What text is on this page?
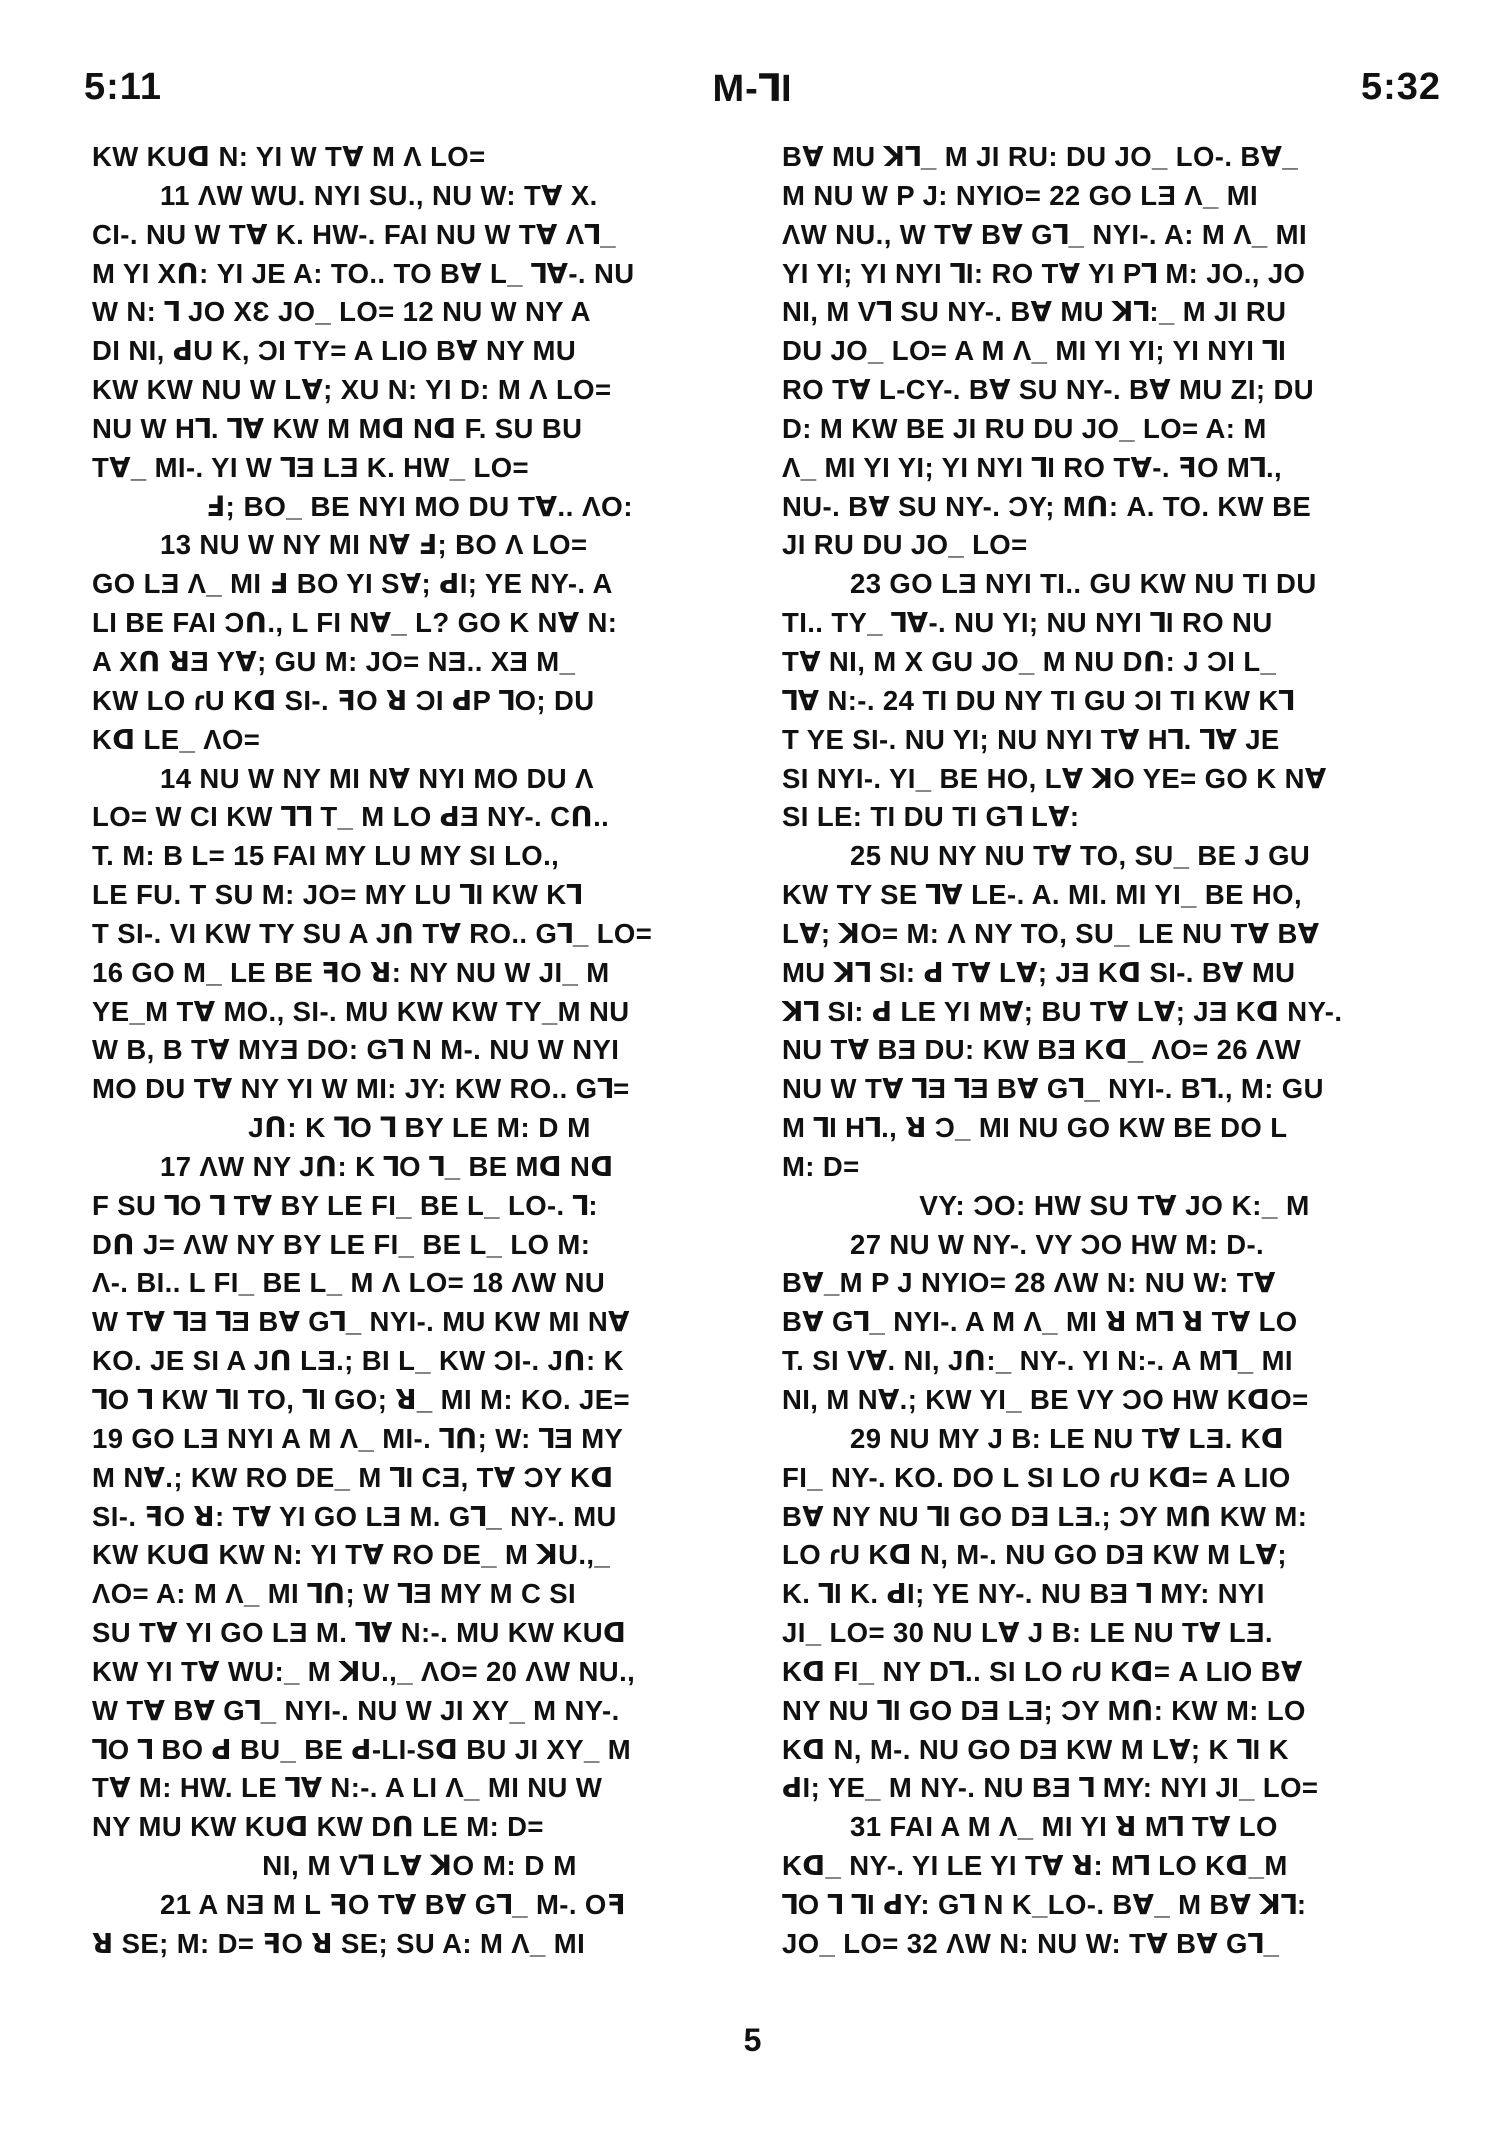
5:11	M-⅂I	5:32

KW KUꓷ N: YI W TⱯ M Ʌ LO=

11 ɅW WU. NYI SU., NU W: TⱯ X.

CI-. NU W TⱯ K. HW-. FAI NU W TⱯ Ʌ⅂_

M YI Xꓵ: YI JE A: TO.. TO BⱯ L_ ⅂Ɐ-. NU

W N: ⅂ JO XƐ JO_ LO= 12 NU W NY A

DI NI, ꓒU K, ƆI TY= A LIO BⱯ NY MU

KW KW NU W LⱯ; XU N: YI D: M Ʌ LO=

NU W H⅂. ⅂Ɐ KW M Mꓷ Nꓷ F. SU BU

TⱯ_ MI-. YI W ⅂Ǝ LƎ K. HW_ LO=

Ⅎ; BO_ BE NYI MO DU TⱯ.. ɅO:

13 NU W NY MI NⱯ Ⅎ; BO Ʌ LO=

GO LƎ Ʌ_ MI Ⅎ BO YI SⱯ; ꓒI; YE NY-. A

LI BE FAI Ɔꓵ., L FI NⱯ_ L? GO K NⱯ N:

A Xꓵ ꓤƎ YⱯ; GU M: JO= NƎ.. XƎ M_

KW LO ɾU Kꓷ SI-. ꟻO ꓤ ƆI ꓒP ⅂O; DU

Kꓷ LE_ ɅO=

14 NU W NY MI NⱯ NYI MO DU Ʌ

LO= W CI KW ⅂⅂ T_ M LO ꓒƎ NY-. Cꓵ..

T. M: B L= 15 FAI MY LU MY SI LO.,

LE FU. T SU M: JO= MY LU ⅂I KW K⅂

T SI-. VI KW TY SU A Jꓵ TⱯ RO.. G⅂_ LO=

16 GO M_ LE BE ꟻO ꓤ: NY NU W JI_ M

YE_M TⱯ MO., SI-. MU KW KW TY_M NU

W B, B TⱯ MYƎ DO: G⅂ N M-. NU W NYI

MO DU TⱯ NY YI W MI: JY: KW RO.. G⅂=

Jꓵ: K ⅂O ⅂ BY LE M: D M

17 ɅW NY Jꓵ: K ⅂O ⅂_ BE Mꓷ Nꓷ

F SU ⅂O ⅂ TⱯ BY LE FI_ BE L_ LO-. ⅂:

Dꓵ J= ɅW NY BY LE FI_ BE L_ LO M:

Ʌ-. BI.. L FI_ BE L_ M Ʌ LO= 18 ɅW NU

W TⱯ ⅂Ǝ ⅂Ǝ BⱯ G⅂_ NYI-. MU KW MI NⱯ

KO. JE SI A Jꓵ LƎ.; BI L_ KW ƆI-. Jꓵ: K

⅂O ⅂ KW ⅂I TO, ⅂I GO; ꓤ_ MI M: KO. JE=

19 GO LƎ NYI A M Ʌ_ MI-. ⅂ꓵ; W: ⅂Ǝ MY

M NⱯ.; KW RO DE_ M ⅂I CƎ, TⱯ ƆY Kꓷ

SI-. ꟻO ꓤ: TⱯ YI GO LƎ M. G⅂_ NY-. MU

KW KUꓷ KW N: YI TⱯ RO DE_ M ꓘU.,_

ɅO= A: M Ʌ_ MI ⅂ꓵ; W ⅂Ǝ MY M C SI

SU TⱯ YI GO LƎ M. ⅂Ɐ N:-. MU KW KUꓷ

KW YI TⱯ WU:_ M ꓘU.,_ ɅO= 20 ɅW NU.,

W TⱯ BⱯ G⅂_ NYI-. NU W JI XY_ M NY-.

⅂O ⅂ BO ꓒ BU_ BE ꓒ-LI-Sꓷ BU JI XY_ M

TⱯ M: HW. LE ⅂Ɐ N:-. A LI Ʌ_ MI NU W

NY MU KW KUꓷ KW Dꓵ LE M: D=

NI, M V⅂ LⱯ ꓘO M: D M

21 A NƎ M L ꟻO TⱯ BⱯ G⅂_ M-. Oꟻ

ꓤ SE; M: D= ꟻO ꓤ SE; SU A: M Ʌ_ MI

BⱯ MU ꓘ⅂_ M JI RU: DU JO_ LO-. BⱯ_

M NU W P J: NYIO= 22 GO LƎ Ʌ_ MI

ɅW NU., W TⱯ BⱯ G⅂_ NYI-. A: M Ʌ_ MI

YI YI; YI NYI ⅂I: RO TⱯ YI P⅂ M: JO., JO

NI, M V⅂ SU NY-. BⱯ MU ꓘ⅂:_ M JI RU

DU JO_ LO= A M Ʌ_ MI YI YI; YI NYI ⅂I

RO TⱯ L-CY-. BⱯ SU NY-. BⱯ MU ZI; DU

D: M KW BE JI RU DU JO_ LO= A: M

Ʌ_ MI YI YI; YI NYI ⅂I RO TⱯ-. ꟻO M⅂.,

NU-. BⱯ SU NY-. ƆY; Mꓵ: A. TO. KW BE

JI RU DU JO_ LO=

23 GO LƎ NYI TI.. GU KW NU TI DU

TI.. TY_ ⅂Ɐ-. NU YI; NU NYI ⅂I RO NU

TⱯ NI, M X GU JO_ M NU Dꓵ: J ƆI L_

⅂Ɐ N:-. 24 TI DU NY TI GU ƆI TI KW K⅂

T YE SI-. NU YI; NU NYI TⱯ H⅂. ⅂Ɐ JE

SI NYI-. YI_ BE HO, LⱯ ꓘO YE= GO K NⱯ

SI LE: TI DU TI G⅂ LⱯ:

25 NU NY NU TⱯ TO, SU_ BE J GU

KW TY SE ⅂Ɐ LE-. A. MI. MI YI_ BE HO,

LⱯ; ꓘO= M: Ʌ NY TO, SU_ LE NU TⱯ BⱯ

MU ꓘ⅂ SI: ꓒ TⱯ LⱯ; JƎ Kꓷ SI-. BⱯ MU

ꓘ⅂ SI: ꓒ LE YI MⱯ; BU TⱯ LⱯ; JƎ Kꓷ NY-.

NU TⱯ BƎ DU: KW BƎ Kꓷ_ ɅO= 26 ɅW

NU W TⱯ ⅂Ǝ ⅂Ǝ BⱯ G⅂_ NYI-. B⅂., M: GU

M ⅂I H⅂., ꓤ Ɔ_ MI NU GO KW BE DO L

M: D=

VY: ƆO: HW SU TⱯ JO K:_ M

27 NU W NY-. VY ƆO HW M: D-.

BⱯ_M P J NYIO= 28 ɅW N: NU W: TⱯ

BⱯ G⅂_ NYI-. A M Ʌ_ MI ꓤ M⅂ ꓤ TⱯ LO

T. SI VⱯ. NI, Jꓵ:_ NY-. YI N:-. A M⅂_ MI

NI, M NⱯ.; KW YI_ BE VY ƆO HW KꓷO=

29 NU MY J B: LE NU TⱯ LƎ. Kꓷ

FI_ NY-. KO. DO L SI LO ɾU Kꓷ= A LIO

BⱯ NY NU ⅂I GO DƎ LƎ.; ƆY Mꓵ KW M:

LO ɾU Kꓷ N, M-. NU GO DƎ KW M LⱯ;

K. ⅂I K. ꓒI; YE NY-. NU BƎ ⅂ MY: NYI

JI_ LO= 30 NU LⱯ J B: LE NU TⱯ LƎ.

Kꓷ FI_ NY D⅂.. SI LO ɾU Kꓷ= A LIO BⱯ

NY NU ⅂I GO DƎ LƎ; ƆY Mꓵ: KW M: LO

Kꓷ N, M-. NU GO DƎ KW M LⱯ; K ⅂I K

ꓒI; YE_ M NY-. NU BƎ ⅂ MY: NYI JI_ LO=

31 FAI A M Ʌ_ MI YI ꓤ M⅂ TⱯ LO

Kꓷ_ NY-. YI LE YI TⱯ ꓤ: M⅂ LO Kꓷ_M

⅂O ⅂ ⅂I ꓒY: G⅂ N K_LO-. BⱯ_ M BⱯ ꓘ⅂:

JO_ LO= 32 ɅW N: NU W: TⱯ BⱯ G⅂_

5
